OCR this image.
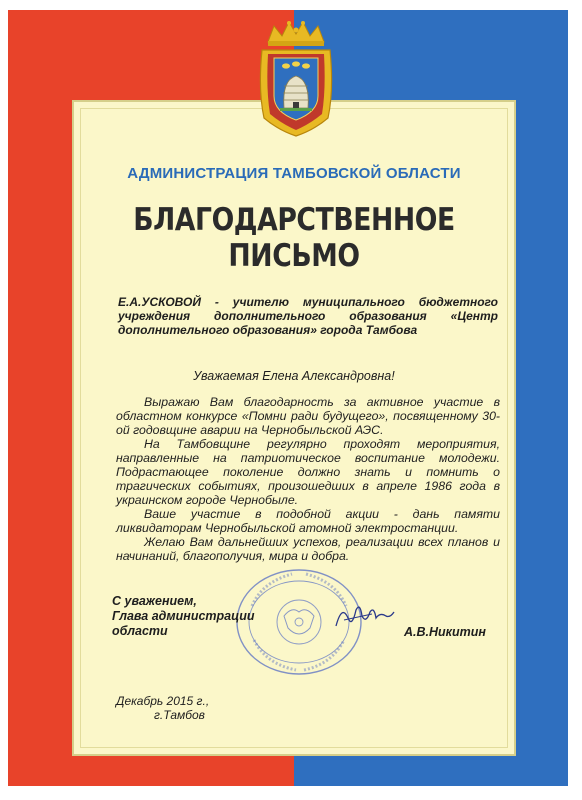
АДМИНИСТРАЦИЯ ТАМБОВСКОЙ ОБЛАСТИ
БЛАГОДАРСТВЕННОЕ ПИСЬМО
Е.А.УСКОВОЙ - учителю муниципального бюджетного учреждения дополнительного образования «Центр дополнительного образования» города Тамбова
Уважаемая Елена Александровна!

Выражаю Вам благодарность за активное участие в областном конкурсе «Помни ради будущего», посвященному 30-ой годовщине аварии на Чернобыльской АЭС.

На Тамбовщине регулярно проходят мероприятия, направленные на патриотическое воспитание молодежи. Подрастающее поколение должно знать и помнить о трагических событиях, произошедших в апреле 1986 года в украинском городе Чернобыле.

Ваше участие в подобной акции - дань памяти ликвидаторам Чернобыльской атомной электростанции.

Желаю Вам дальнейших успехов, реализации всех планов и начинаний, благополучия, мира и добра.

С уважением,
Глава администрации
области	А.В.Никитин
Декабрь 2015 г.,
г.Тамбов
